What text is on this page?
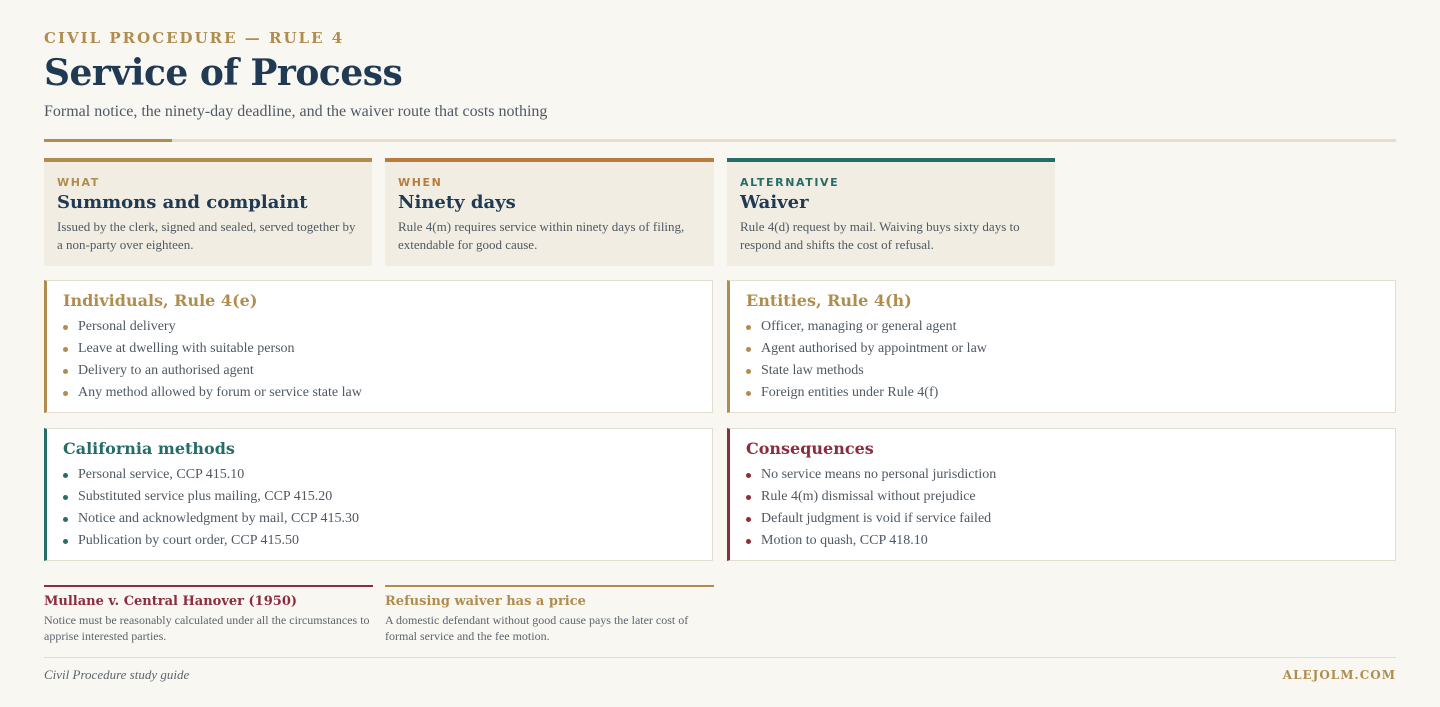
CIVIL PROCEDURE — RULE 4
Service of Process

Formal notice, the ninety-day deadline, and the waiver route that costs nothing

WHAT
Summons and complaint
Issued by the clerk, signed and sealed, served together by a non-party over eighteen.
WHEN
Ninety days
Rule 4(m) requires service within ninety days of filing, extendable for good cause.
ALTERNATIVE
Waiver
Rule 4(d) request by mail. Waiving buys sixty days to respond and shifts the cost of refusal.
Individuals, Rule 4(e)
Personal delivery
Leave at dwelling with suitable person
Delivery to an authorised agent
Any method allowed by forum or service state law
Entities, Rule 4(h)
Officer, managing or general agent
Agent authorised by appointment or law
State law methods
Foreign entities under Rule 4(f)
California methods
Personal service, CCP 415.10
Substituted service plus mailing, CCP 415.20
Notice and acknowledgment by mail, CCP 415.30
Publication by court order, CCP 415.50
Consequences
No service means no personal jurisdiction
Rule 4(m) dismissal without prejudice
Default judgment is void if service failed
Motion to quash, CCP 418.10
Mullane v. Central Hanover (1950)
Notice must be reasonably calculated under all the circumstances to apprise interested parties.
Refusing waiver has a price
A domestic defendant without good cause pays the later cost of formal service and the fee motion.
Civil Procedure study guide	ALEJOLM.COM
